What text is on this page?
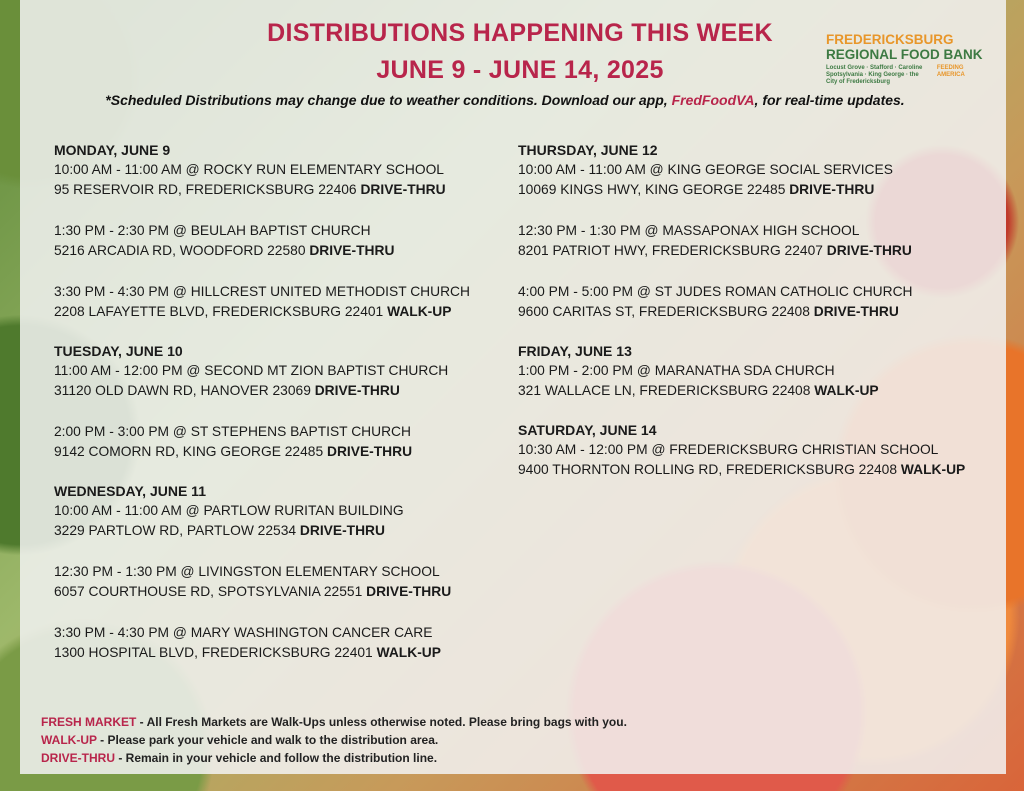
DISTRIBUTIONS HAPPENING THIS WEEK
JUNE 9 - JUNE 14, 2025
*Scheduled Distributions may change due to weather conditions. Download our app, FredFoodVA, for real-time updates.
FREDERICKSBURG
REGIONAL FOOD BANK
Locust Grove · Stafford · Caroline Spotsylvania · King George · the City of Fredericksburg
FEEDING AMERICA
MONDAY, JUNE 9
10:00 AM - 11:00 AM @ ROCKY RUN ELEMENTARY SCHOOL
95 RESERVOIR RD, FREDERICKSBURG 22406 DRIVE-THRU
1:30 PM - 2:30 PM @ BEULAH BAPTIST CHURCH
5216 ARCADIA RD, WOODFORD 22580 DRIVE-THRU
3:30 PM - 4:30 PM @ HILLCREST UNITED METHODIST CHURCH
2208 LAFAYETTE BLVD, FREDERICKSBURG 22401 WALK-UP
TUESDAY, JUNE 10
11:00 AM - 12:00 PM @ SECOND MT ZION BAPTIST CHURCH
31120 OLD DAWN RD, HANOVER 23069 DRIVE-THRU
2:00 PM - 3:00 PM @ ST STEPHENS BAPTIST CHURCH
9142 COMORN RD, KING GEORGE 22485 DRIVE-THRU
WEDNESDAY, JUNE 11
10:00 AM - 11:00 AM @ PARTLOW RURITAN BUILDING
3229 PARTLOW RD, PARTLOW 22534 DRIVE-THRU
12:30 PM - 1:30 PM @ LIVINGSTON ELEMENTARY SCHOOL
6057 COURTHOUSE RD, SPOTSYLVANIA 22551 DRIVE-THRU
3:30 PM - 4:30 PM @ MARY WASHINGTON CANCER CARE
1300 HOSPITAL BLVD, FREDERICKSBURG 22401 WALK-UP
THURSDAY, JUNE 12
10:00 AM - 11:00 AM @ KING GEORGE SOCIAL SERVICES
10069 KINGS HWY, KING GEORGE 22485 DRIVE-THRU
12:30 PM - 1:30 PM @ MASSAPONAX HIGH SCHOOL
8201 PATRIOT HWY, FREDERICKSBURG 22407 DRIVE-THRU
4:00 PM - 5:00 PM @ ST JUDES ROMAN CATHOLIC CHURCH
9600 CARITAS ST, FREDERICKSBURG 22408 DRIVE-THRU
FRIDAY, JUNE 13
1:00 PM - 2:00 PM @ MARANATHA SDA CHURCH
321 WALLACE LN, FREDERICKSBURG 22408 WALK-UP
SATURDAY, JUNE 14
10:30 AM - 12:00 PM @ FREDERICKSBURG CHRISTIAN SCHOOL
9400 THORNTON ROLLING RD, FREDERICKSBURG 22408 WALK-UP
FRESH MARKET - All Fresh Markets are Walk-Ups unless otherwise noted. Please bring bags with you.
WALK-UP - Please park your vehicle and walk to the distribution area.
DRIVE-THRU - Remain in your vehicle and follow the distribution line.
